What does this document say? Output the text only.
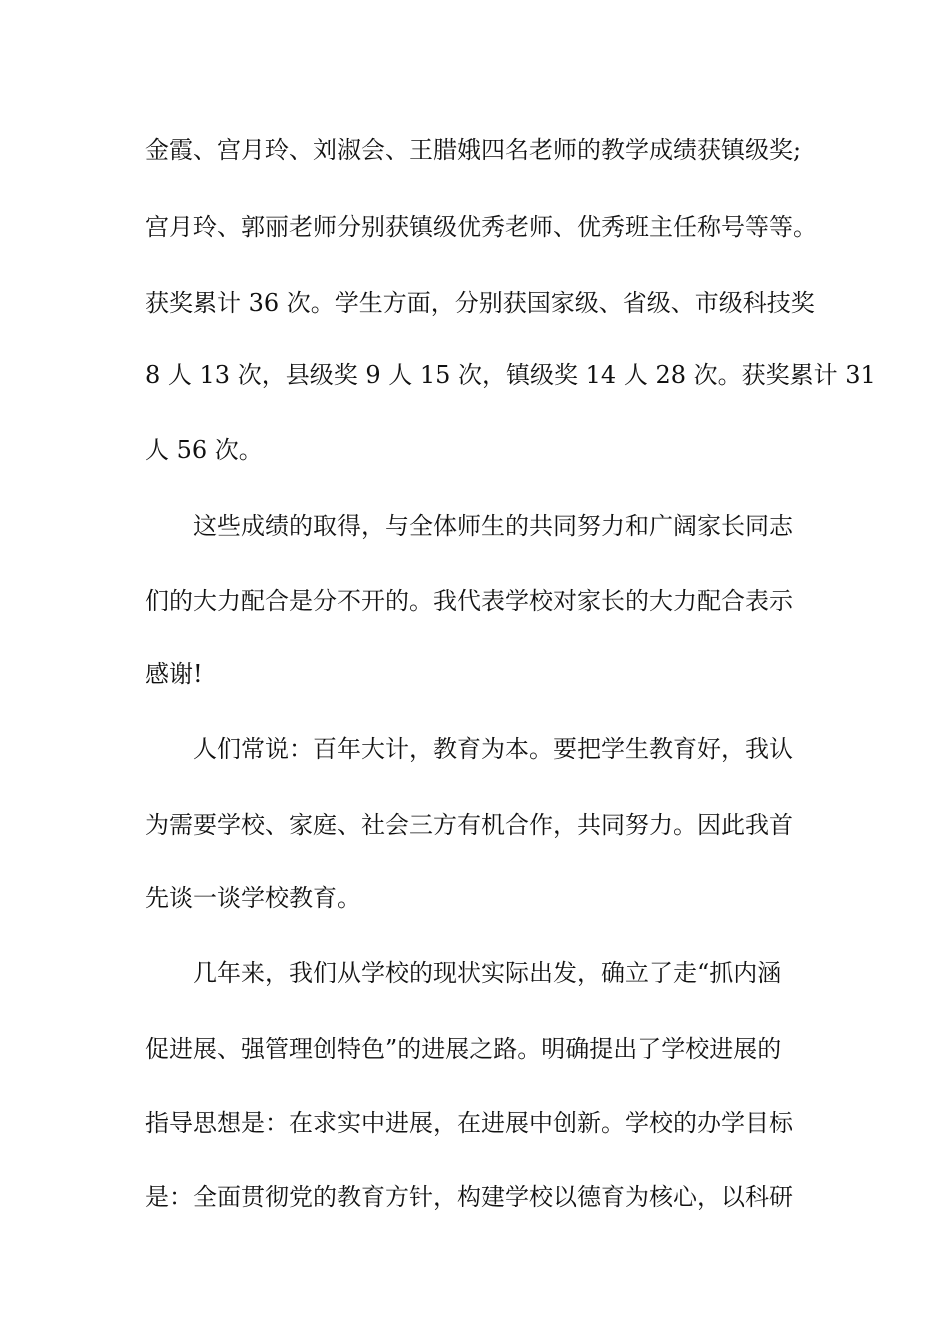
金霞、宫月玲、刘淑会、王腊娥四名老师的教学成绩获镇级奖;

宫月玲、郭丽老师分别获镇级优秀老师、优秀班主任称号等等。

获奖累计 36 次。学生方面，分别获国家级、省级、市级科技奖

8 人 13 次，县级奖 9 人 15 次，镇级奖 14 人 28 次。获奖累计 31

人 56 次。

这些成绩的取得，与全体师生的共同努力和广阔家长同志

们的大力配合是分不开的。我代表学校对家长的大力配合表示

感谢!

人们常说：百年大计，教育为本。要把学生教育好，我认

为需要学校、家庭、社会三方有机合作，共同努力。因此我首

先谈一谈学校教育。

几年来，我们从学校的现状实际出发，确立了走“抓内涵

促进展、强管理创特色”的进展之路。明确提出了学校进展的

指导思想是：在求实中进展，在进展中创新。学校的办学目标

是：全面贯彻党的教育方针，构建学校以德育为核心，以科研
